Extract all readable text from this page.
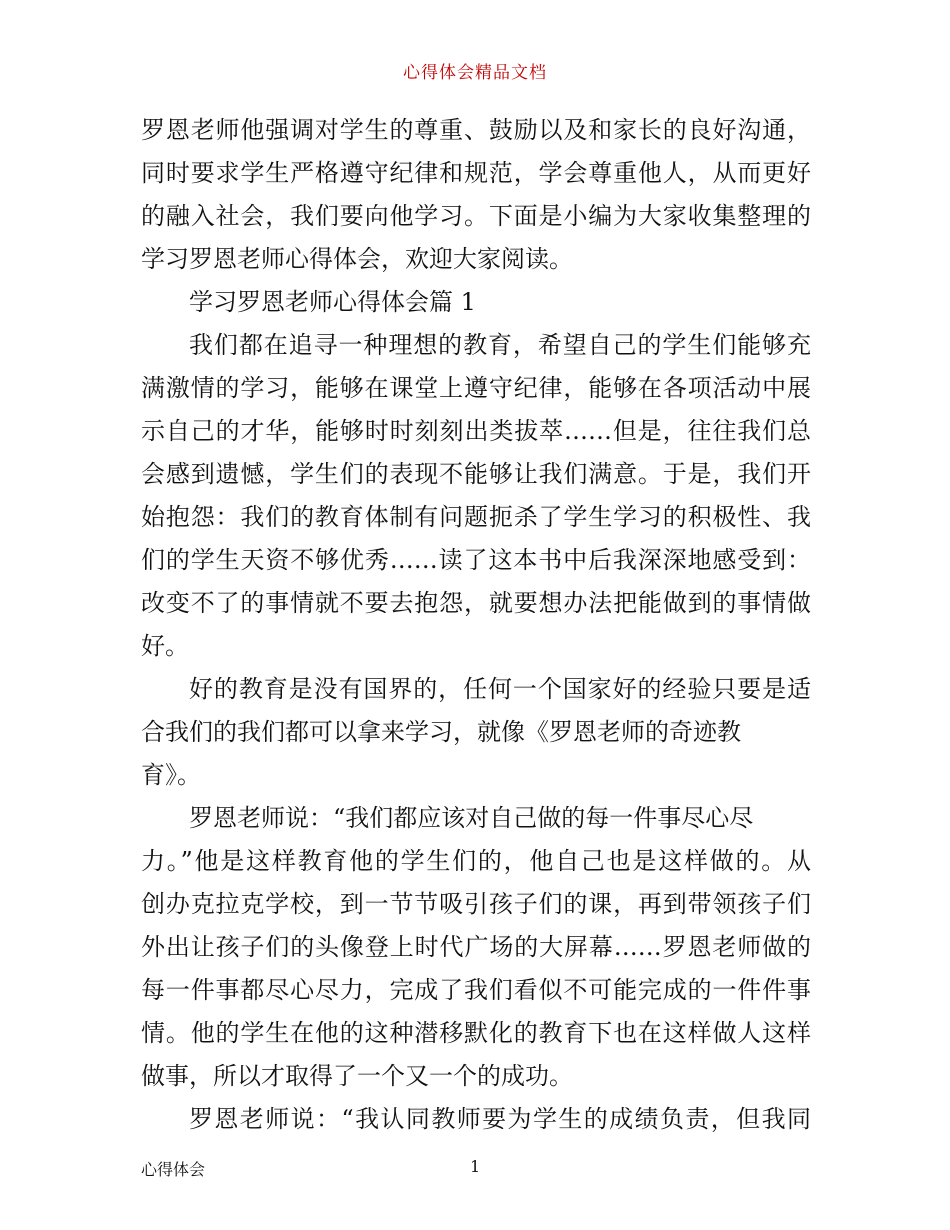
心得体会精品文档
罗恩老师他强调对学生的尊重、鼓励以及和家长的良好沟通，
同时要求学生严格遵守纪律和规范，学会尊重他人，从而更好
的融入社会，我们要向他学习。下面是小编为大家收集整理的
学习罗恩老师心得体会，欢迎大家阅读。
学习罗恩老师心得体会篇 1
我们都在追寻一种理想的教育，希望自己的学生们能够充
满激情的学习，能够在课堂上遵守纪律，能够在各项活动中展
示自己的才华，能够时时刻刻出类拔萃……但是，往往我们总
会感到遗憾，学生们的表现不能够让我们满意。于是，我们开
始抱怨：我们的教育体制有问题扼杀了学生学习的积极性、我
们的学生天资不够优秀……读了这本书中后我深深地感受到：
改变不了的事情就不要去抱怨，就要想办法把能做到的事情做
好。
好的教育是没有国界的，任何一个国家好的经验只要是适
合我们的我们都可以拿来学习，就像《罗恩老师的奇迹教
育》。
罗恩老师说：“我们都应该对自己做的每一件事尽心尽
力。”他是这样教育他的学生们的，他自己也是这样做的。从
创办克拉克学校，到一节节吸引孩子们的课，再到带领孩子们
外出让孩子们的头像登上时代广场的大屏幕……罗恩老师做的
每一件事都尽心尽力，完成了我们看似不可能完成的一件件事
情。他的学生在他的这种潜移默化的教育下也在这样做人这样
做事，所以才取得了一个又一个的成功。
罗恩老师说：“我认同教师要为学生的成绩负责，但我同
心得体会	1
